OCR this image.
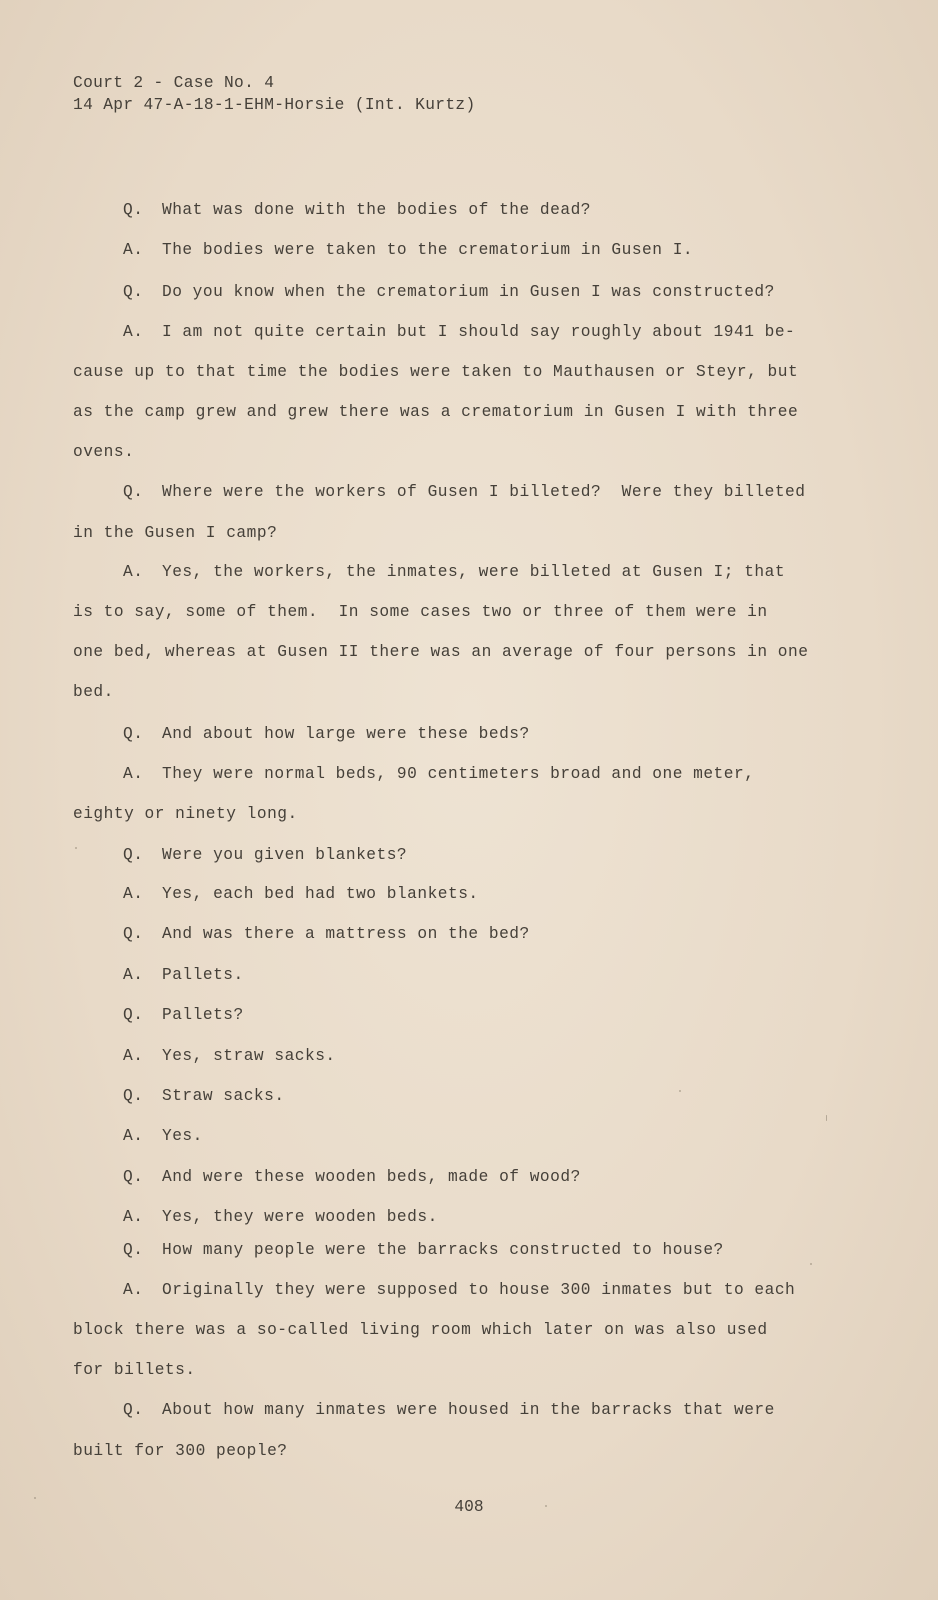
Court 2 - Case No. 4
14 Apr 47-A-18-1-EHM-Horsie (Int. Kurtz)
Q. What was done with the bodies of the dead?
A. The bodies were taken to the crematorium in Gusen I.
Q. Do you know when the crematorium in Gusen I was constructed?
A. I am not quite certain but I should say roughly about 1941 be-
cause up to that time the bodies were taken to Mauthausen or Steyr, but
as the camp grew and grew there was a crematorium in Gusen I with three
ovens.
Q. Where were the workers of Gusen I billeted?  Were they billeted
in the Gusen I camp?
A. Yes, the workers, the inmates, were billeted at Gusen I; that
is to say, some of them.  In some cases two or three of them were in
one bed, whereas at Gusen II there was an average of four persons in one
bed.
Q. And about how large were these beds?
A. They were normal beds, 90 centimeters broad and one meter,
eighty or ninety long.
Q. Were you given blankets?
A. Yes, each bed had two blankets.
Q. And was there a mattress on the bed?
A. Pallets.
Q. Pallets?
A. Yes, straw sacks.
Q. Straw sacks.
A. Yes.
Q. And were these wooden beds, made of wood?
A. Yes, they were wooden beds.
Q. How many people were the barracks constructed to house?
A. Originally they were supposed to house 300 inmates but to each
block there was a so-called living room which later on was also used
for billets.
Q. About how many inmates were housed in the barracks that were
built for 300 people?
408
